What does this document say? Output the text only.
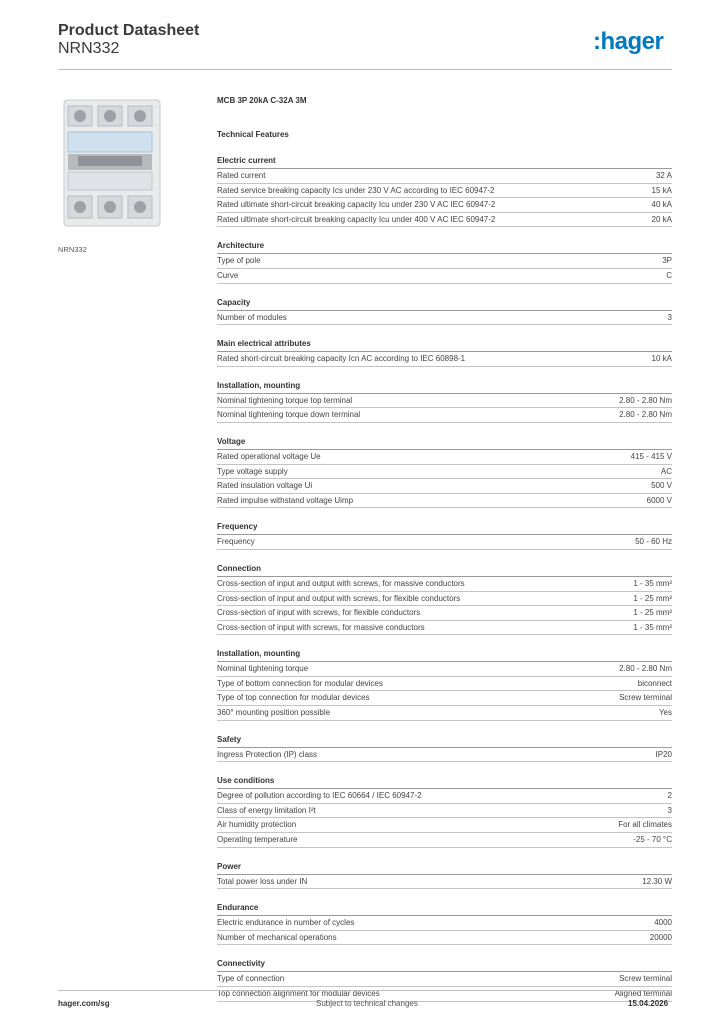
Product Datasheet
NRN332	:hager
NRN332
MCB 3P 20kA C-32A 3M
Technical Features
Electric current
Rated current	32 A
Rated service breaking capacity Ics under 230 V AC according to IEC 60947-2	15 kA
Rated ultimate short-circuit breaking capacity Icu under 230 V AC IEC 60947-2	40 kA
Rated ultimate short-circuit breaking capacity Icu under 400 V AC IEC 60947-2	20 kA
Architecture
Type of pole	3P
Curve	C
Capacity
Number of modules	3
Main electrical attributes
Rated short-circuit breaking capacity Icn AC according to IEC 60898-1	10 kA
Installation, mounting
Nominal tightening torque top terminal	2.80 - 2.80 Nm
Nominal tightening torque down terminal	2.80 - 2.80 Nm
Voltage
Rated operational voltage Ue	415 - 415 V
Type voltage supply	AC
Rated insulation voltage Ui	500 V
Rated impulse withstand voltage Uimp	6000 V
Frequency
Frequency	50 - 60 Hz
Connection
Cross-section of input and output with screws, for massive conductors	1 - 35 mm²
Cross-section of input and output with screws, for flexible conductors	1 - 25 mm²
Cross-section of input with screws, for flexible conductors	1 - 25 mm²
Cross-section of input with screws, for massive conductors	1 - 35 mm²
Installation, mounting
Nominal tightening torque	2.80 - 2.80 Nm
Type of bottom connection for modular devices	biconnect
Type of top connection for modular devices	Screw terminal
360° mounting position possible	Yes
Safety
Ingress Protection (IP) class	IP20
Use conditions
Degree of pollution according to IEC 60664 / IEC 60947-2	2
Class of energy limitation I²t	3
Air humidity protection	For all climates
Operating temperature	-25 - 70 °C
Power
Total power loss under IN	12.30 W
Endurance
Electric endurance in number of cycles	4000
Number of mechanical operations	20000
Connectivity
Type of connection	Screw terminal
Top connection alignment for modular devices	Aligned terminal
hager.com/sg	Subject to technical changes	15.04.2026
